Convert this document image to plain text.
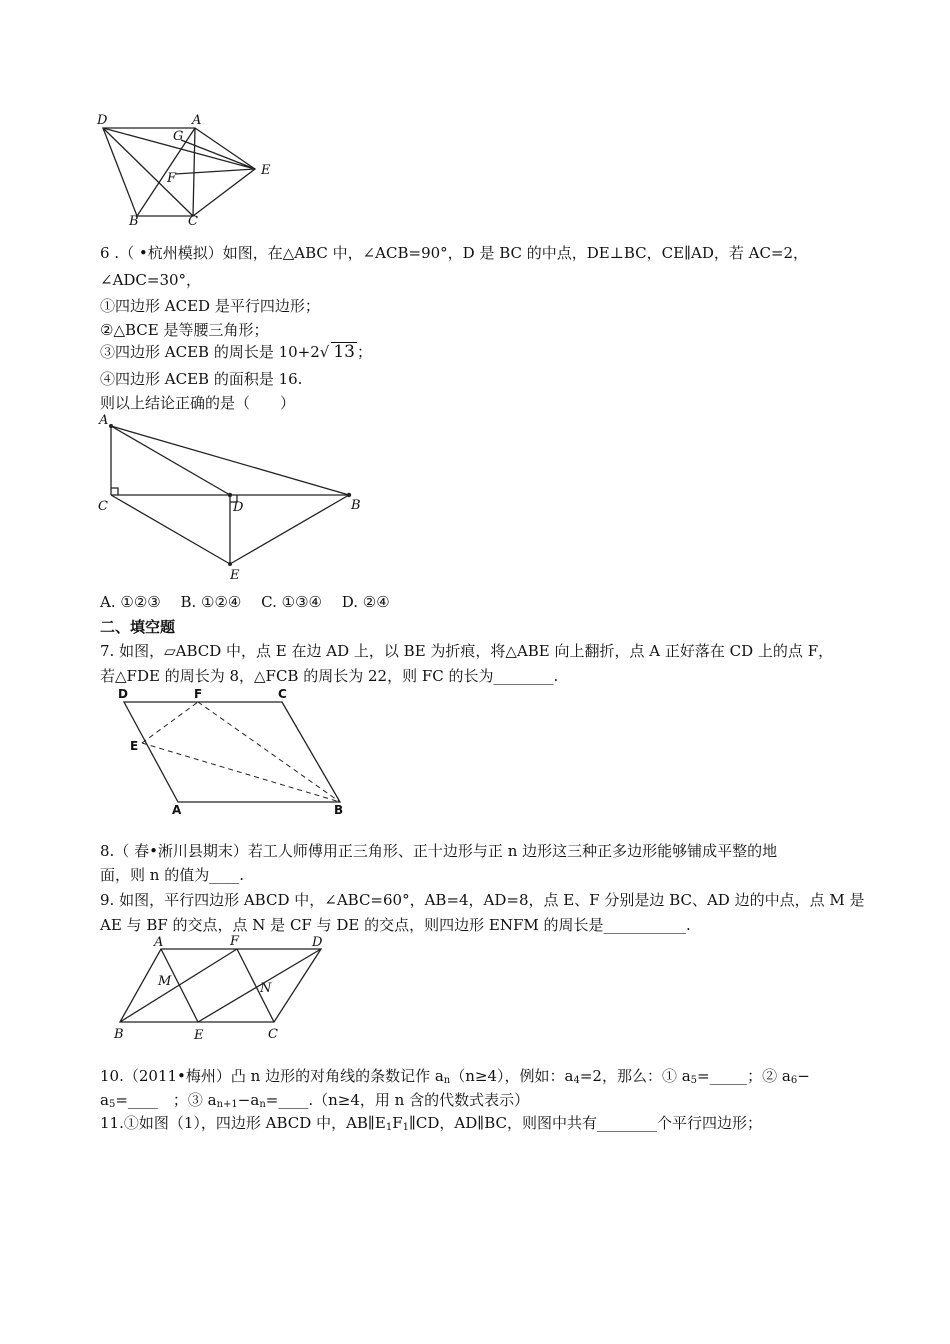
D	A
G
E
F
B	C
6 .（ •杭州模拟）如图，在△ABC 中，∠ACB=90°，D 是 BC 的中点，DE⊥BC，CE∥AD，若 AC=2，
∠ADC=30°，
①四边形 ACED 是平行四边形；
②△BCE 是等腰三角形；
③四边形 ACEB 的周长是 10+2√ 13 ；
④四边形 ACEB 的面积是 16.
则以上结论正确的是（　　）
A
C	D	B
E
A. ①②③　 B. ①②④　 C. ①③④　 D. ②④
二、填空题
7. 如图，▱ABCD 中，点 E 在边 AD 上，以 BE 为折痕，将△ABE 向上翻折，点 A 正好落在 CD 上的点 F，
若△FDE 的周长为 8，△FCB 的周长为 22，则 FC 的长为________.
D	F	C
E
A	B
8.（ 春•淅川县期末）若工人师傅用正三角形、正十边形与正 n 边形这三种正多边形能够铺成平整的地
面，则 n 的值为____.
9. 如图，平行四边形 ABCD 中，∠ABC=60°，AB=4，AD=8，点 E、F 分别是边 BC、AD 边的中点，点 M 是
AE 与 BF 的交点，点 N 是 CF 与 DE 的交点，则四边形 ENFM 的周长是___________.
A	F	D
M	N
B	E	C
10.（2011•梅州）凸 n 边形的对角线的条数记作 $a_n(n\ge 4)$，例如：$a_4=2$，那么：① $a_5=\_\_\_\_\_$；② $a_6-$
$a_5=\_\_\_\_$　；③ $a_{n+1}-a_n=\_\_\_\_.(n\ge 4$，用 n 含的代数式表示）
11.①如图（1），四边形 ABCD 中，$AB\parallel E_1F_1\parallel CD$，AD∥BC，则图中共有________个平行四边形；
